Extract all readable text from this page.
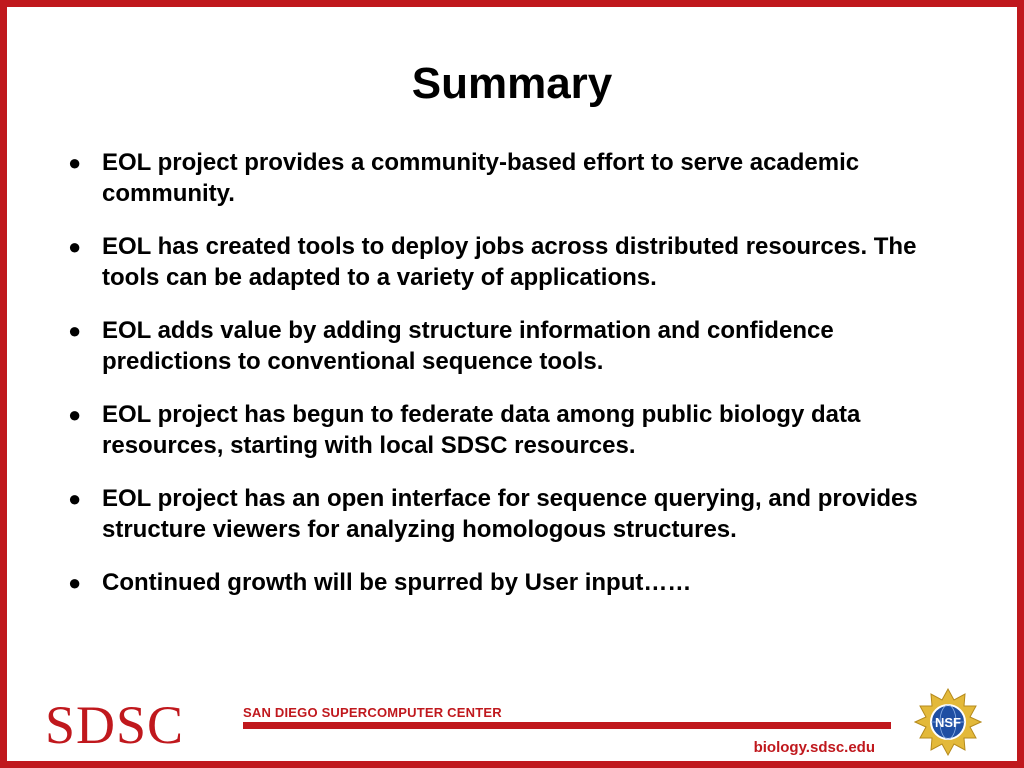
Summary
● EOL project provides a community-based effort to serve academic community.
● EOL has created tools to deploy jobs across distributed resources. The tools can be adapted to a variety of applications.
● EOL adds value by adding structure information and confidence predictions to conventional sequence tools.
● EOL project has begun to federate data among public biology data resources, starting with local SDSC resources.
● EOL project has an open interface for sequence querying, and provides structure viewers for analyzing homologous structures.
● Continued growth will be spurred by User input……
SDSC	SAN DIEGO SUPERCOMPUTER CENTER
biology.sdsc.edu
NSF
